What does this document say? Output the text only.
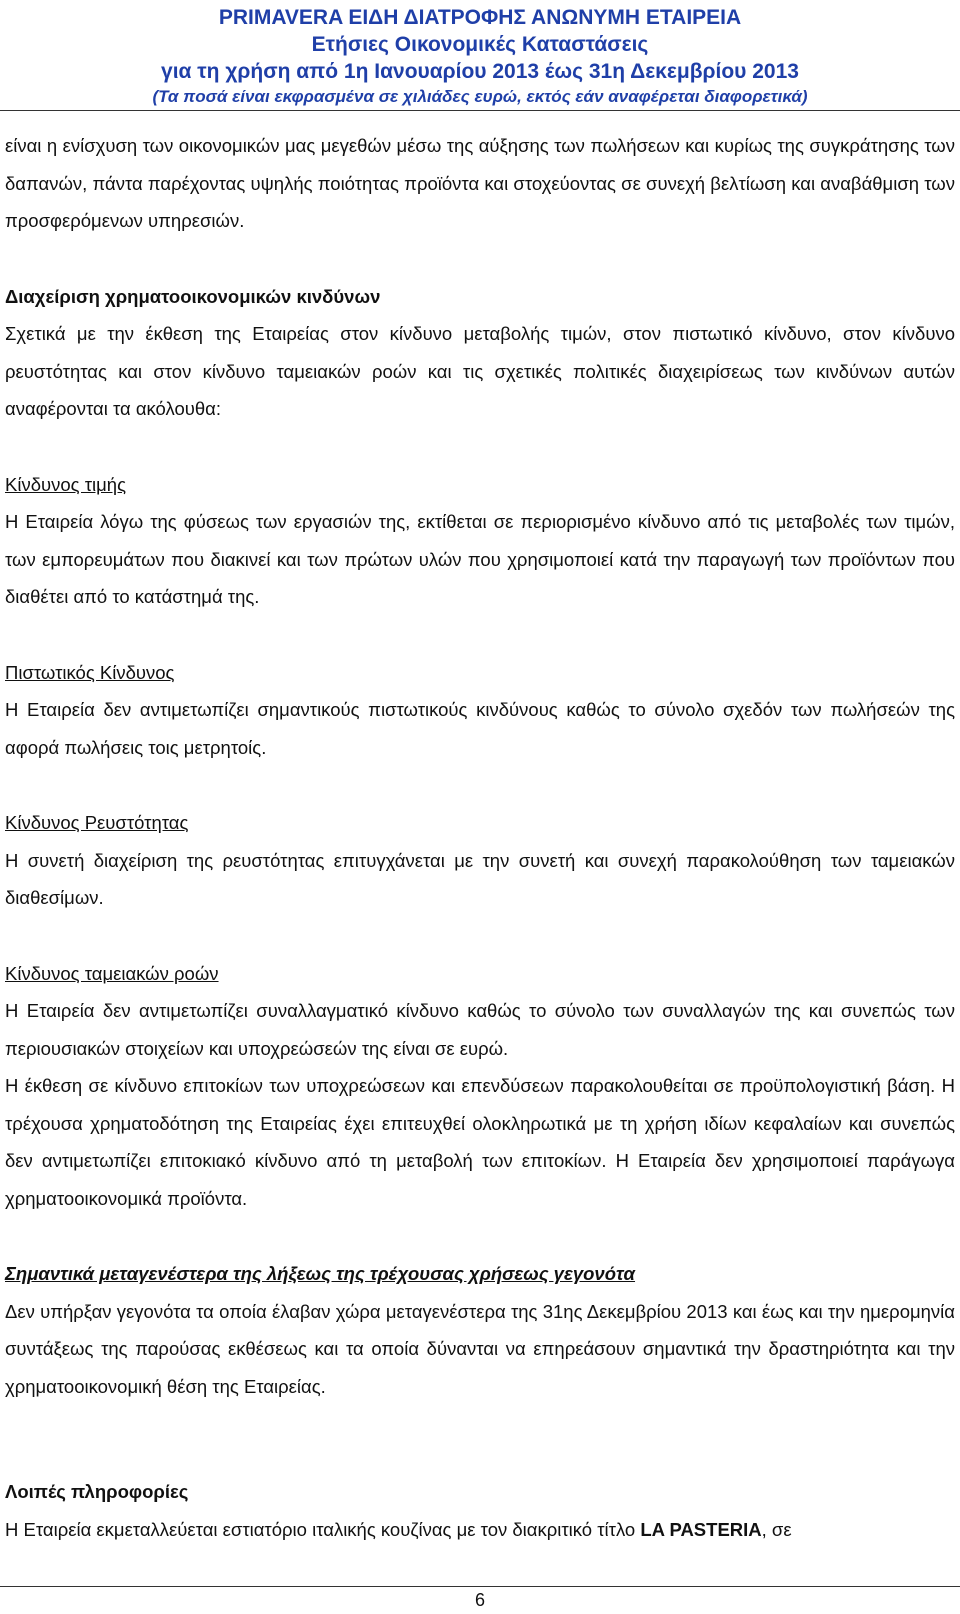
PRIMAVERA ΕΙΔΗ ΔΙΑΤΡΟΦΗΣ ΑΝΩΝΥΜΗ ΕΤΑΙΡΕΙΑ
Ετήσιες Οικονομικές Καταστάσεις
για τη χρήση από 1η Ιανουαρίου 2013 έως 31η Δεκεμβρίου 2013
(Τα ποσά είναι εκφρασμένα σε χιλιάδες ευρώ, εκτός εάν αναφέρεται διαφορετικά)

είναι η ενίσχυση των οικονομικών μας μεγεθών μέσω της αύξησης των πωλήσεων και κυρίως της συγκράτησης των δαπανών, πάντα παρέχοντας υψηλής ποιότητας προϊόντα και στοχεύοντας σε συνεχή βελτίωση και αναβάθμιση των προσφερόμενων υπηρεσιών.

Διαχείριση χρηματοοικονομικών κινδύνων

Σχετικά με την έκθεση της Εταιρείας στον κίνδυνο μεταβολής τιμών, στον πιστωτικό κίνδυνο, στον κίνδυνο ρευστότητας και στον κίνδυνο ταμειακών ροών και τις σχετικές πολιτικές διαχειρίσεως των κινδύνων αυτών αναφέρονται τα ακόλουθα:

Κίνδυνος τιμής

Η Εταιρεία λόγω της φύσεως των εργασιών της, εκτίθεται σε περιορισμένο κίνδυνο από τις μεταβολές των τιμών, των εμπορευμάτων που διακινεί και των πρώτων υλών που χρησιμοποιεί κατά την παραγωγή των προϊόντων που διαθέτει από το κατάστημά της.

Πιστωτικός Κίνδυνος

Η Εταιρεία δεν αντιμετωπίζει σημαντικούς πιστωτικούς κινδύνους καθώς το σύνολο σχεδόν των πωλήσεών της αφορά πωλήσεις τοις μετρητοίς.

Κίνδυνος Ρευστότητας

Η συνετή διαχείριση της ρευστότητας επιτυγχάνεται με την συνετή και συνεχή παρακολούθηση των ταμειακών διαθεσίμων.

Κίνδυνος ταμειακών ροών

Η Εταιρεία δεν αντιμετωπίζει συναλλαγματικό κίνδυνο καθώς το σύνολο των συναλλαγών της και συνεπώς των περιουσιακών στοιχείων και υποχρεώσεών της είναι σε ευρώ.

Η έκθεση σε κίνδυνο επιτοκίων των υποχρεώσεων και επενδύσεων παρακολουθείται σε προϋπολογιστική βάση. Η τρέχουσα χρηματοδότηση της Εταιρείας έχει επιτευχθεί ολοκληρωτικά με τη χρήση ιδίων κεφαλαίων και συνεπώς δεν αντιμετωπίζει επιτοκιακό κίνδυνο από τη μεταβολή των επιτοκίων. Η Εταιρεία δεν χρησιμοποιεί παράγωγα χρηματοοικονομικά προϊόντα.

Σημαντικά μεταγενέστερα της λήξεως της τρέχουσας χρήσεως γεγονότα

Δεν υπήρξαν γεγονότα τα οποία έλαβαν χώρα μεταγενέστερα της 31ης Δεκεμβρίου 2013 και έως και την ημερομηνία συντάξεως της παρούσας εκθέσεως και τα οποία δύνανται να επηρεάσουν σημαντικά την δραστηριότητα και την χρηματοοικονομική θέση της Εταιρείας.

Λοιπές πληροφορίες

Η Εταιρεία εκμεταλλεύεται εστιατόριο ιταλικής κουζίνας με τον διακριτικό τίτλο LA PASTERIA, σε

6
